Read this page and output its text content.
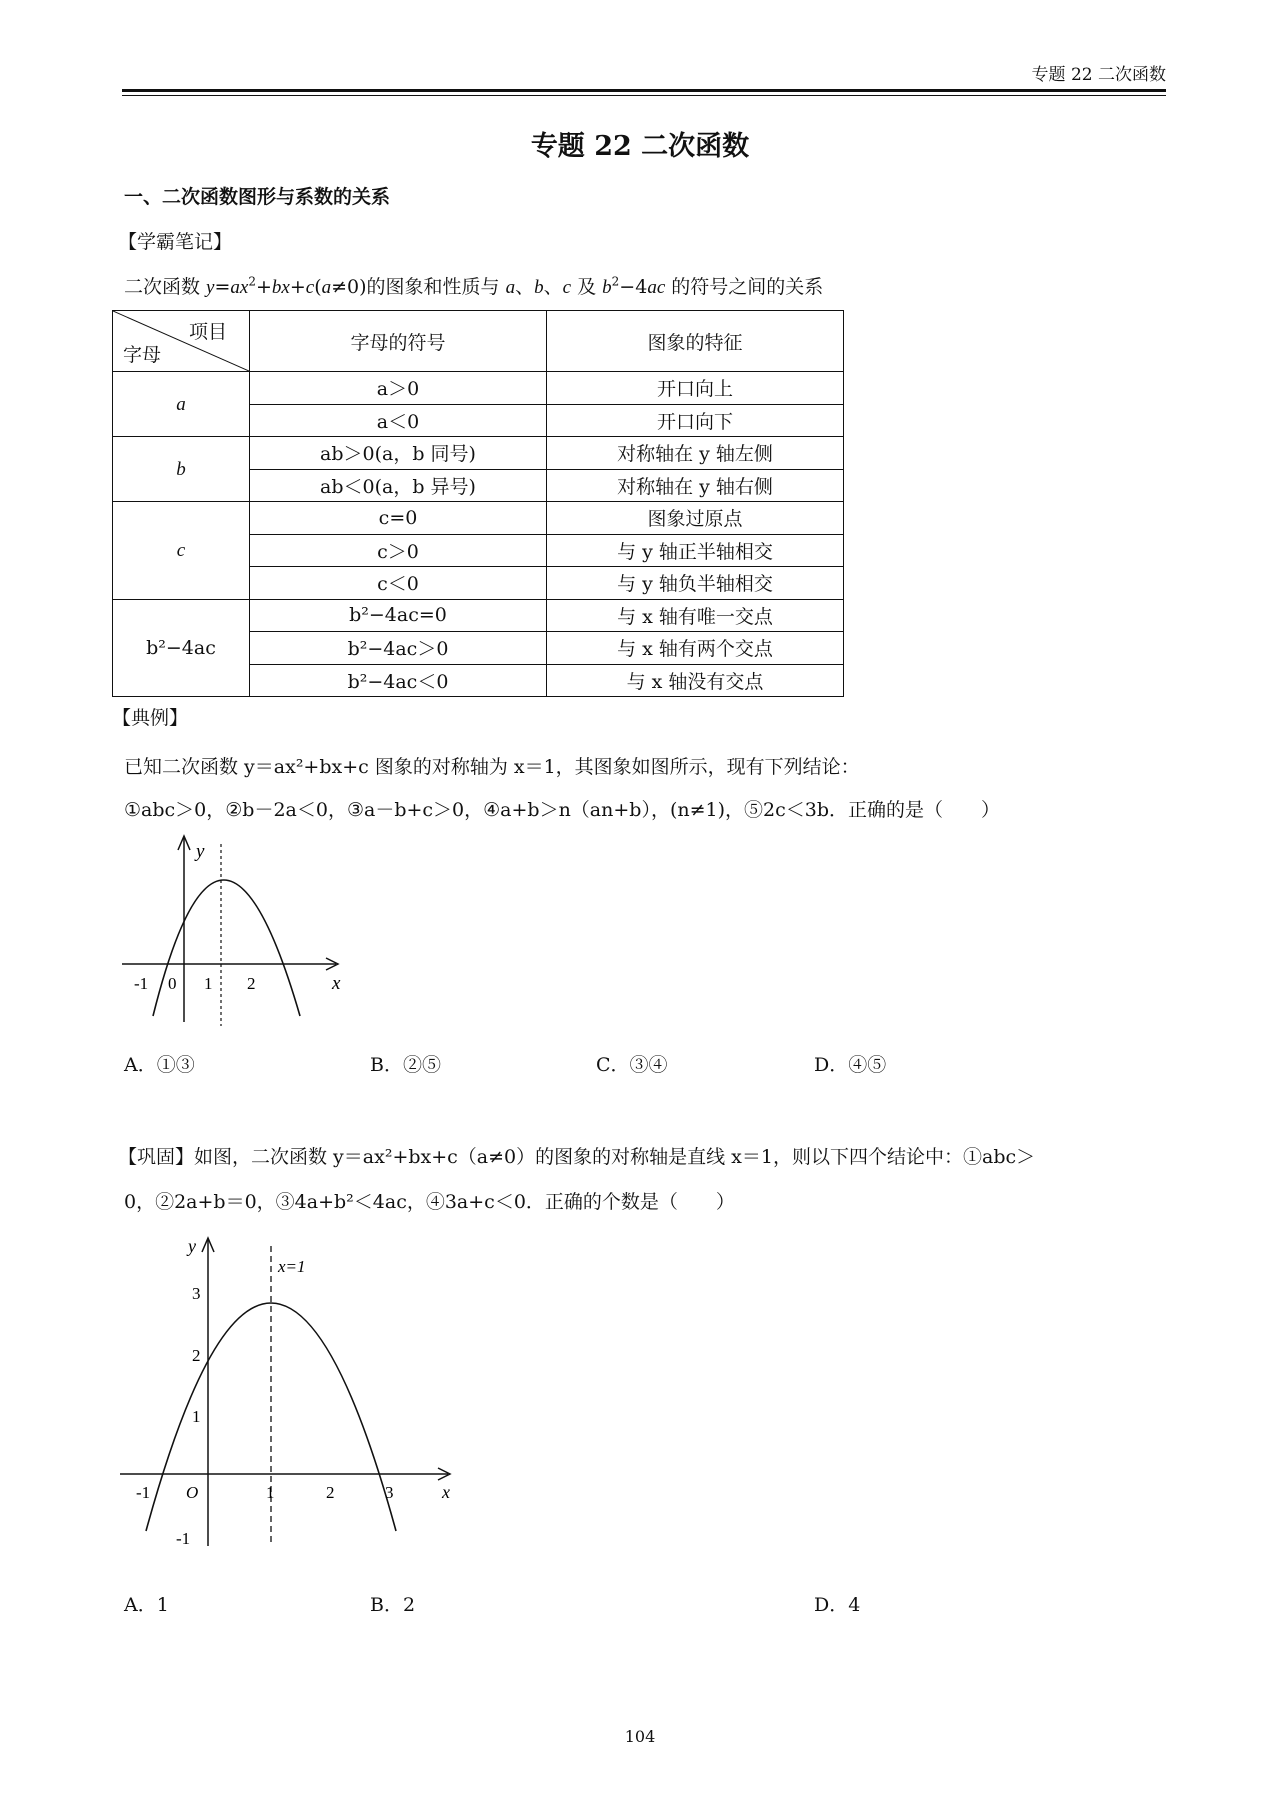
专题 22 二次函数
专题 22 二次函数
一、二次函数图形与系数的关系
【学霸笔记】
二次函数 $y=ax^2+bx+c(a\ne 0)$的图象和性质与 a、b、c 及 $b^2-4ac$ 的符号之间的关系
项目
字母	字母的符号	图象的特征
a	a＞0	开口向上
	a＜0	开口向下
b	ab＞0(a，b 同号)	对称轴在 y 轴左侧
	ab＜0(a，b 异号)	对称轴在 y 轴右侧
c	c=0	图象过原点
	c＞0	与 y 轴正半轴相交
	c＜0	与 y 轴负半轴相交
b²−4ac	b²−4ac=0	与 x 轴有唯一交点
	b²−4ac＞0	与 x 轴有两个交点
	b²−4ac＜0	与 x 轴没有交点
【典例】
已知二次函数 y＝ax²+bx+c 图象的对称轴为 x＝1，其图象如图所示，现有下列结论：
①abc＞0，②b－2a＜0，③a－b+c＞0，④a+b＞n（an+b），(n≠1)，⑤2c＜3b．正确的是（　　）
y
x
-1 0 1 2
A．①③	B．②⑤	C．③④	D．④⑤
【巩固】如图，二次函数 y＝ax²+bx+c（a≠0）的图象的对称轴是直线 x＝1，则以下四个结论中：①abc＞
0，②2a+b＝0，③4a+b²＜4ac，④3a+c＜0．正确的个数是（　　）
y
x=1
x
3
2
1
-1
-1 O	1	2	3
A．1	B．2	D．4
104
